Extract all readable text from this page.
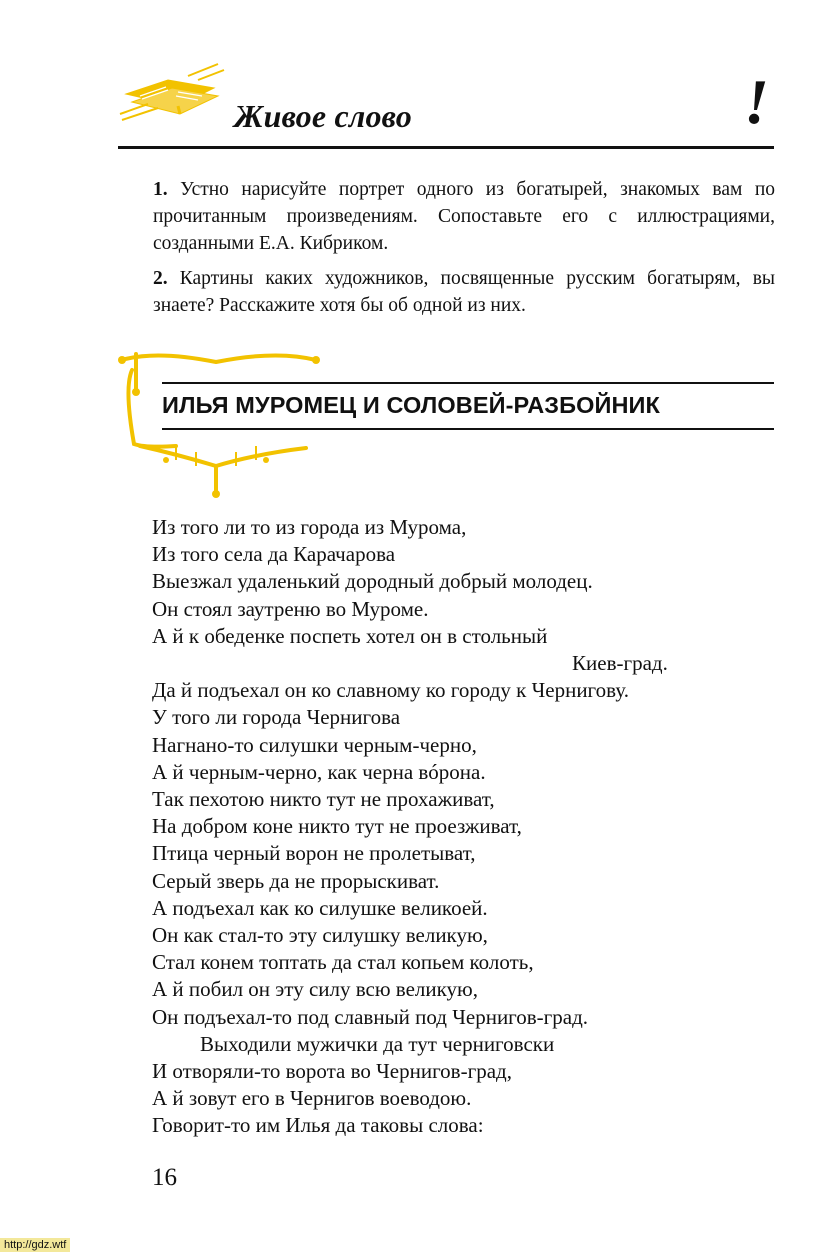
Живое слово	!

1. Устно нарисуйте портрет одного из богатырей, знакомых вам по прочитанным произведениям. Сопоставьте его с иллюстрациями, созданными Е.А. Кибриком.

2. Картины каких художников, посвященные русским богатырям, вы знаете? Расскажите хотя бы об одной из них.

ИЛЬЯ МУРОМЕЦ И СОЛОВЕЙ-РАЗБОЙНИК
Из того ли то из города из Мурома,
Из того села да Карачарова
Выезжал удаленький дородный добрый молодец.
Он стоял заутреню во Муроме.
А й к обеденке поспеть хотел он в стольный
Киев-град.
Да й подъехал он ко славному ко городу к Чернигову.
У того ли города Чернигова
Нагнано-то силушки черным-черно,
А й черным-черно, как черна вóрона.
Так пехотою никто тут не прохаживат,
На добром коне никто тут не проезживат,
Птица черный ворон не пролетыват,
Серый зверь да не прорыскиват.
А подъехал как ко силушке великоей.
Он как стал-то эту силушку великую,
Стал конем топтать да стал копьем колоть,
А й побил он эту силу всю великую,
Он подъехал-то под славный под Чернигов-град.
Выходили мужички да тут черниговски
И отворяли-то ворота во Чернигов-град,
А й зовут его в Чернигов воеводою.
Говорит-то им Илья да таковы слова:
16
http://gdz.wtf
